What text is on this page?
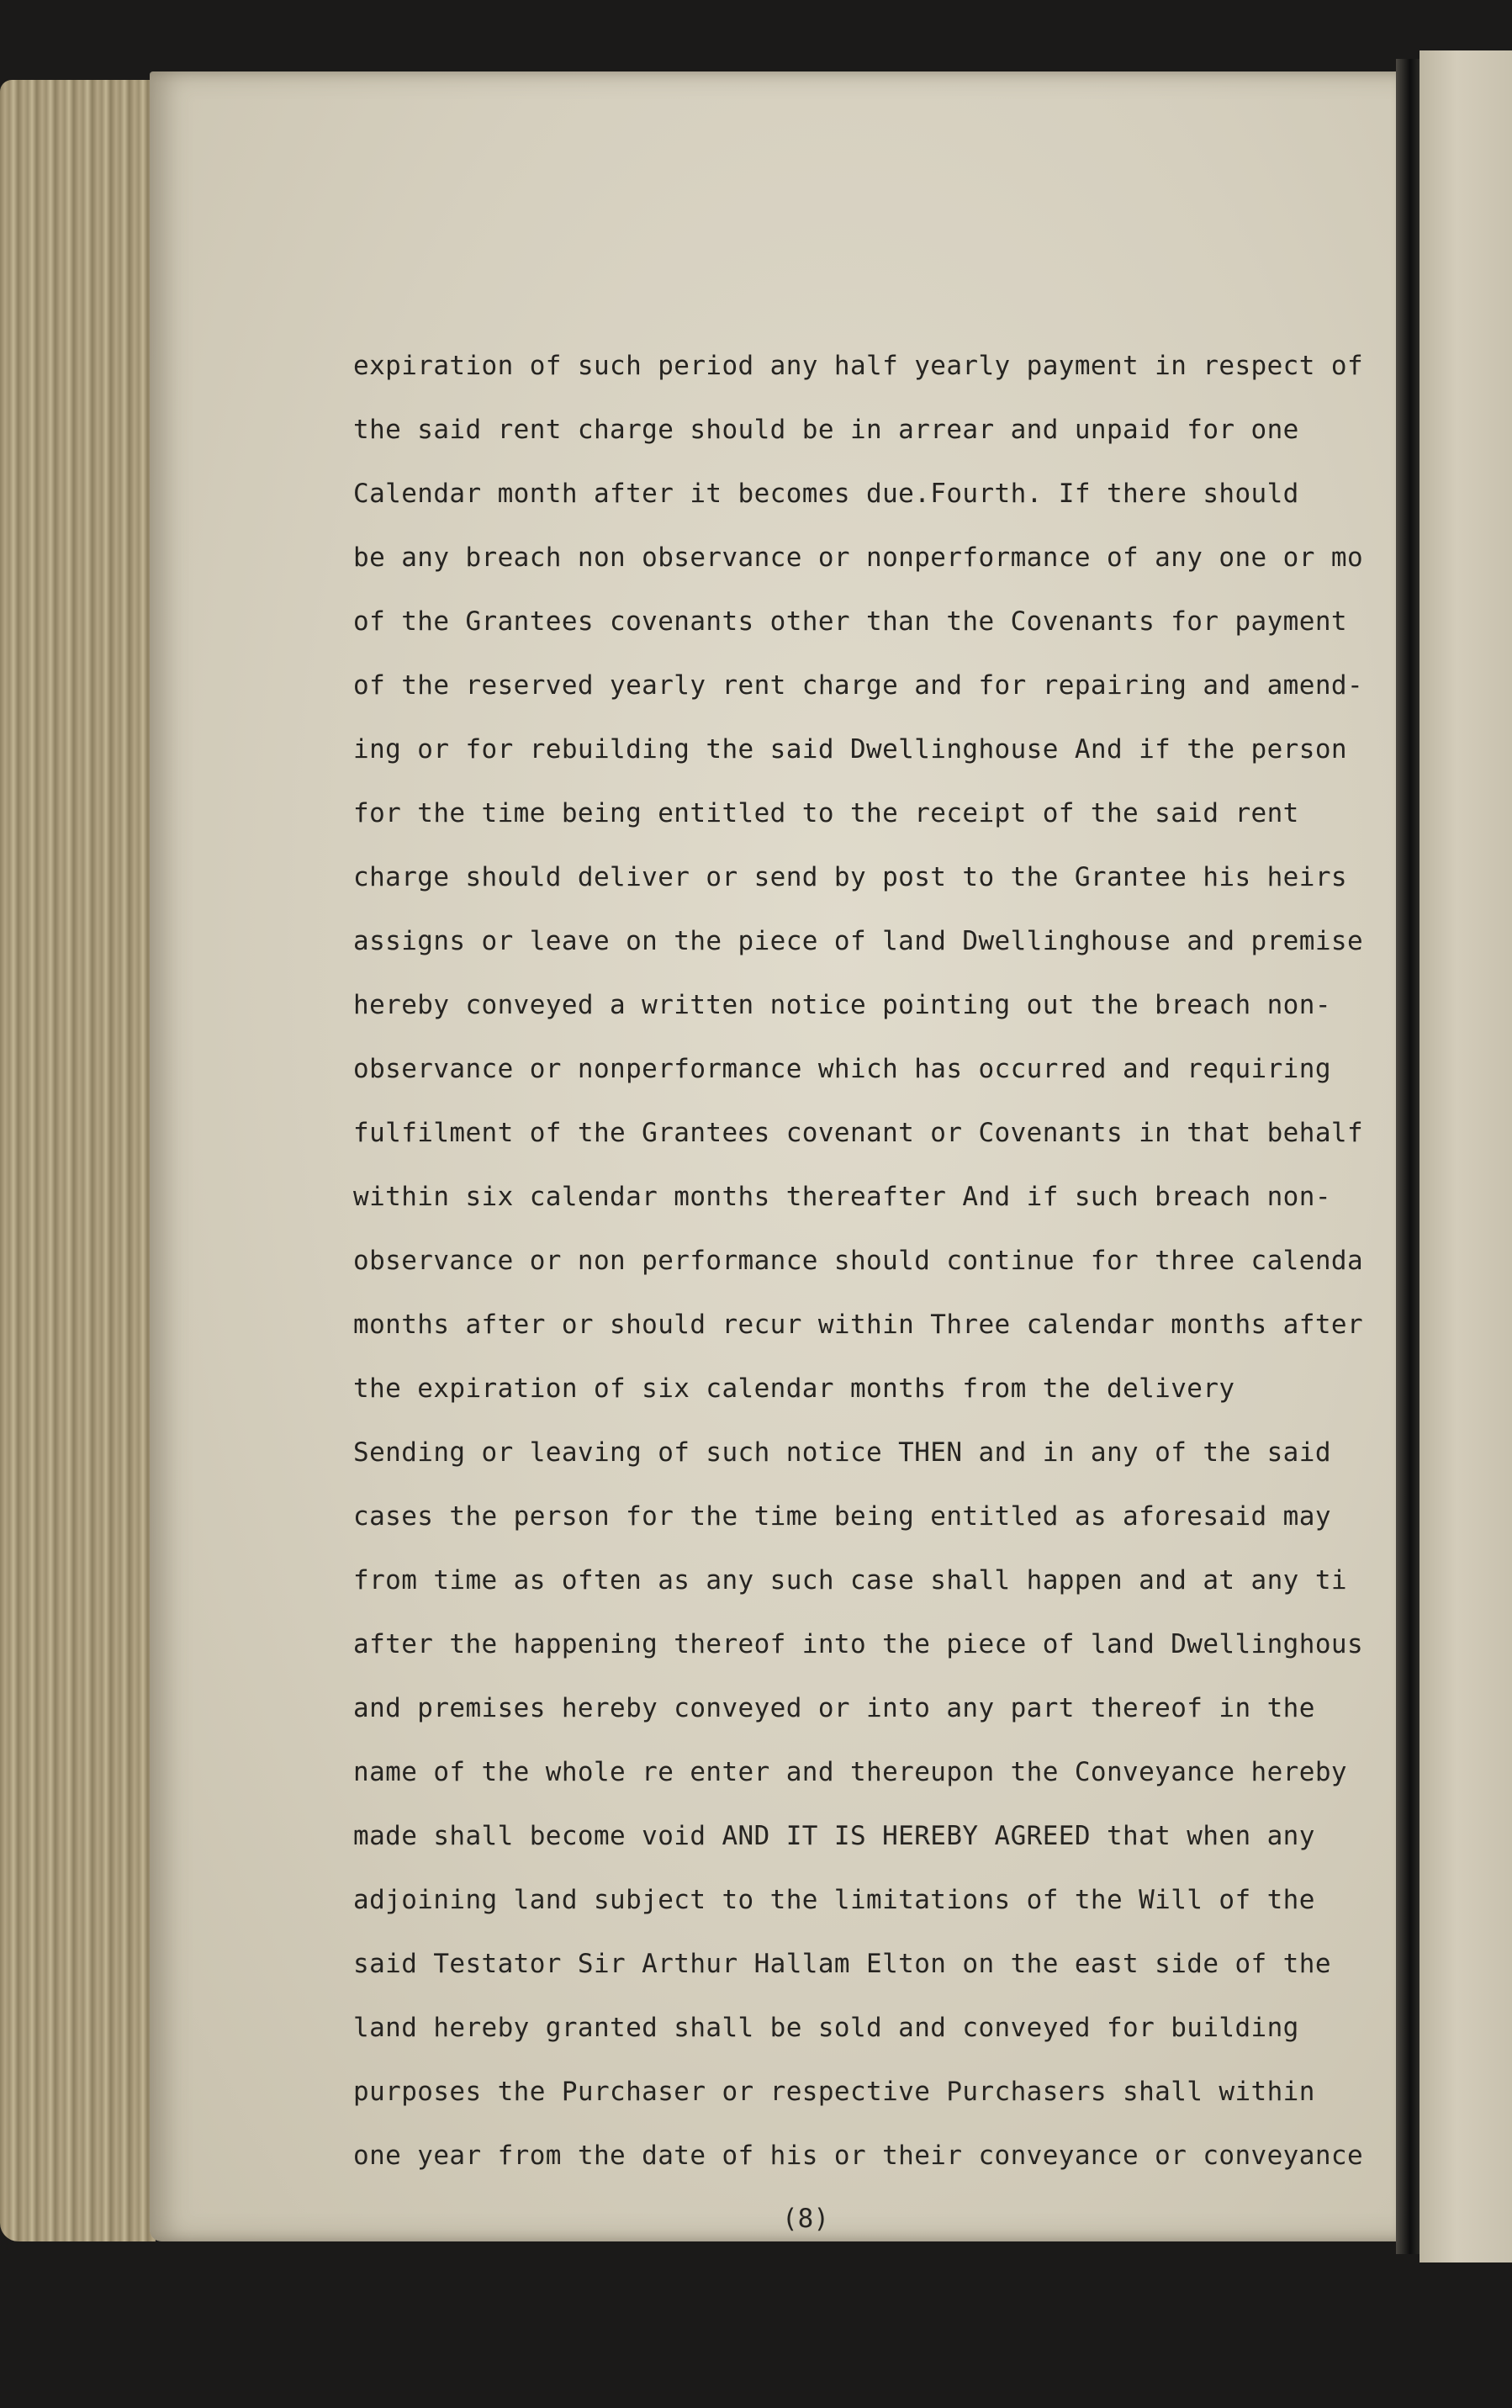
expiration of such period any half yearly payment in respect of
the said rent charge should be in arrear and unpaid for one
Calendar month after it becomes due.Fourth. If there should
be any breach non observance or nonperformance of any one or mo
of the Grantees covenants other than the Covenants for payment
of the reserved yearly rent charge and for repairing and amend-
ing or for rebuilding the said Dwellinghouse And if the person
for the time being entitled to the receipt of the said rent
charge should deliver or send by post to the Grantee his heirs
assigns or leave on the piece of land Dwellinghouse and premise
hereby conveyed a written notice pointing out the breach non-
observance or nonperformance which has occurred and requiring
fulfilment of the Grantees covenant or Covenants in that behalf
within six calendar months thereafter And if such breach non-
observance or non performance should continue for three calenda
months after or should recur within Three calendar months after
the expiration of six calendar months from the delivery
Sending or leaving of such notice THEN and in any of the said
cases the person for the time being entitled as aforesaid may
from time as often as any such case shall happen and at any ti
after the happening thereof into the piece of land Dwellinghous
and premises hereby conveyed or into any part thereof in the
name of the whole re enter and thereupon the Conveyance hereby
made shall become void AND IT IS HEREBY AGREED that when any
adjoining land subject to the limitations of the Will of the
said Testator Sir Arthur Hallam Elton on the east side of the
land hereby granted shall be sold and conveyed for building
purposes the Purchaser or respective Purchasers shall within
one year from the date of his or their conveyance or conveyance
(8)
